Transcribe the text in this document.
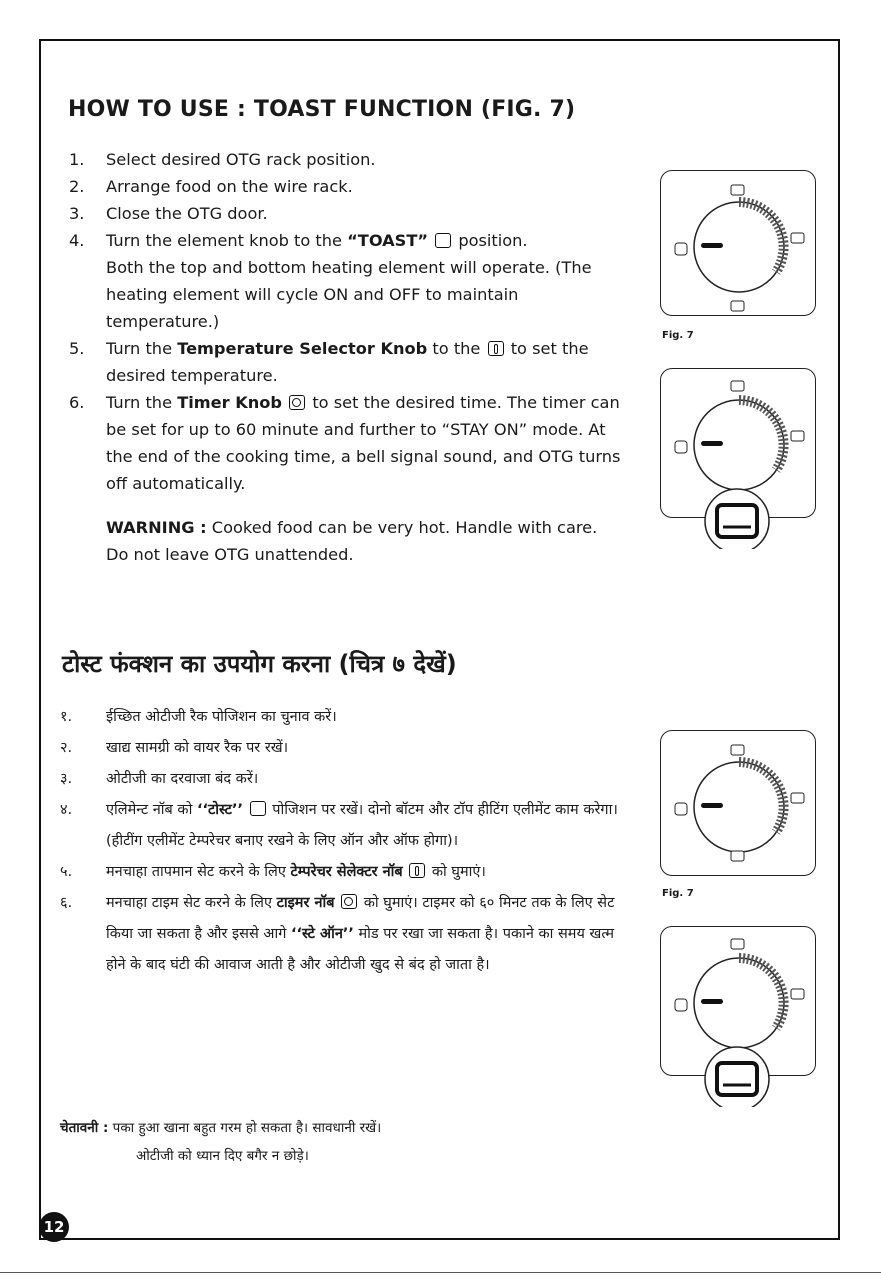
HOW TO USE : TOAST FUNCTION (FIG. 7)
1. Select desired OTG rack position.
2. Arrange food on the wire rack.
3. Close the OTG door.
4. Turn the element knob to the “TOAST”  position.
Both the top and bottom heating element will operate. (The heating element will cycle ON and OFF to maintain temperature.)
5. Turn the Temperature Selector Knob to the  to set the desired temperature.
6. Turn the Timer Knob  to set the desired time. The timer can be set for up to 60 minute and further to “STAY ON” mode. At the end of the cooking time, a bell signal sound, and OTG turns off automatically.
WARNING : Cooked food can be very hot. Handle with care. Do not leave OTG unattended.
टोस्ट फंक्शन का उपयोग करना (चित्र ७ देखें)
१. ईच्छित ओटीजी रैक पोजिशन का चुनाव करें।
२. खाद्य सामग्री को वायर रैक पर रखें।
३. ओटीजी का दरवाजा बंद करें।
४. एलिमेन्ट नॉब को ‘‘टोस्ट’’  पोजिशन पर रखें। दोनो बॉटम और टॉप हीटिंग एलीमेंट काम करेगा। (हीटींग एलीमेंट टेम्परेचर बनाए रखने के लिए ऑन और ऑफ होगा)।
५. मनचाहा तापमान सेट करने के लिए टेम्परेचर सेलेक्टर नॉब  को घुमाएं।
६. मनचाहा टाइम सेट करने के लिए टाइमर नॉब  को घुमाएं। टाइमर को ६० मिनट तक के लिए सेट किया जा सकता है और इससे आगे ‘‘स्टे ऑन’’ मोड पर रखा जा सकता है। पकाने का समय खत्म होने के बाद घंटी की आवाज आती है और ओटीजी खुद से बंद हो जाता है।
चेतावनी : पका हुआ खाना बहुत गरम हो सकता है। सावधानी रखें।
ओटीजी को ध्यान दिए बगैर न छोड़े।
Fig. 7
Fig. 7
12
